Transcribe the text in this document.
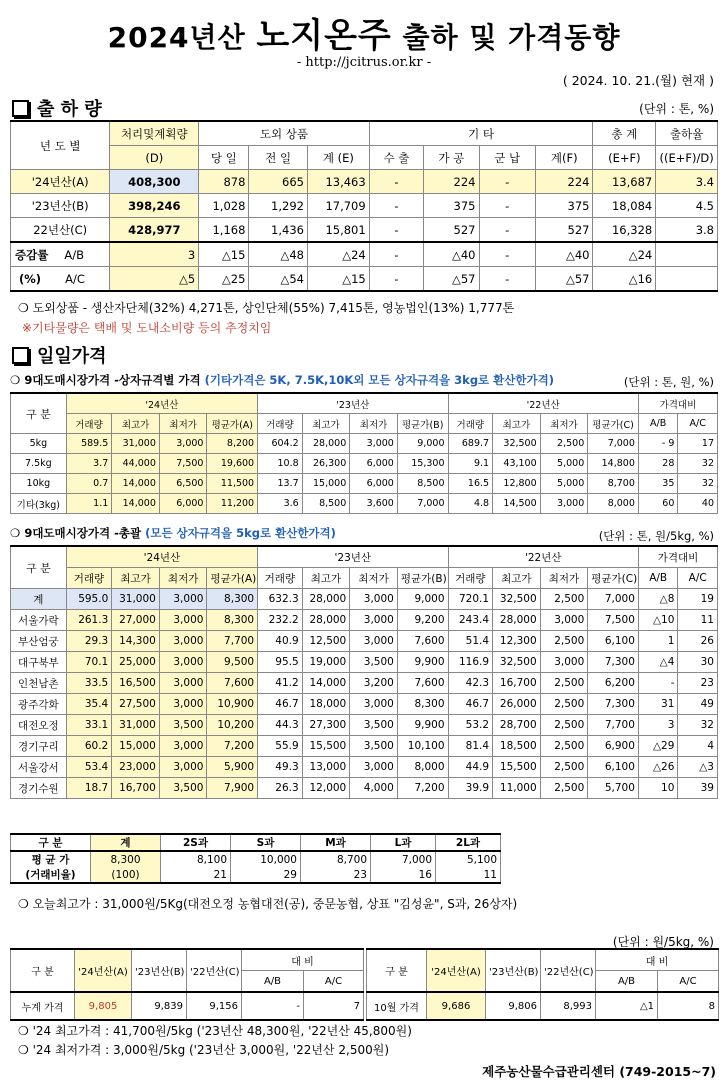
2024년산 노지온주 출하 및 가격동향
- http://jcitrus.or.kr -
( 2024. 10. 21.(월) 현재 )
출 하 량	(단위 : 톤, %)
년 도 별	처리및계획량	도외 상품			기 타				총 계	출하율
	(D)	당 일	전 일	계 (E)	수 출	가 공	군 납	계(F)	(E+F)	((E+F)/D)
'24년산(A)	408,300	878	665	13,463	-	224	-	224	13,687	3.4
'23년산(B)	398,246	1,028	1,292	17,709	-	375	-	375	18,084	4.5
22년산(C)	428,977	1,168	1,436	15,801	-	527	-	527	16,328	3.8
증감률 A/B	3	△15	△48	△24	-	△40	-	△40	△24	
(%) A/C	△5	△25	△54	△15	-	△57	-	△57	△16	
❍ 도외상품 - 생산자단체(32%) 4,271톤, 상인단체(55%) 7,415톤, 영농법인(13%) 1,777톤
※기타물량은 택배 및 도내소비량 등의 추정치임
일일가격
❍ 9대도매시장가격 -상자규격별 가격 (기타가격은 5K, 7.5K,10K외 모든 상자규격을 3kg로 환산한가격)	(단위 : 톤, 원, %)
구 분	'24년산				'23년산				'22년산				가격대비	
	거래량	최고가	최저가	평균가(A)	거래량	최고가	최저가	평균가(B)	거래량	최고가	최저가	평균가(C)	A/B	A/C
5kg	589.5	31,000	3,000	8,200	604.2	28,000	3,000	9,000	689.7	32,500	2,500	7,000	- 9	17
7.5kg	3.7	44,000	7,500	19,600	10.8	26,300	6,000	15,300	9.1	43,100	5,000	14,800	28	32
10kg	0.7	14,000	6,500	11,500	13.7	15,000	6,000	8,500	16.5	12,800	5,000	8,700	35	32
기타(3kg)	1.1	14,000	6,000	11,200	3.6	8,500	3,600	7,000	4.8	14,500	3,000	8,000	60	40
❍ 9대도매시장가격 -총괄 (모든 상자규격을 5kg로 환산한가격)	(단위 : 톤, 원/5kg, %)
구 분	'24년산				'23년산				'22년산				가격대비	
	거래량	최고가	최저가	평균가(A)	거래량	최고가	최저가	평균가(B)	거래량	최고가	최저가	평균가(C)	A/B	A/C
계	595.0	31,000	3,000	8,300	632.3	28,000	3,000	9,000	720.1	32,500	2,500	7,000	△8	19
서울가락	261.3	27,000	3,000	8,300	232.2	28,000	3,000	9,200	243.4	28,000	3,000	7,500	△10	11
부산엄궁	29.3	14,300	3,000	7,700	40.9	12,500	3,000	7,600	51.4	12,300	2,500	6,100	1	26
대구북부	70.1	25,000	3,000	9,500	95.5	19,000	3,500	9,900	116.9	32,500	3,000	7,300	△4	30
인천남촌	33.5	16,500	3,000	7,600	41.2	14,000	3,200	7,600	42.3	16,700	2,500	6,200	-	23
광주각화	35.4	27,500	3,000	10,900	46.7	18,000	3,000	8,300	46.7	26,000	2,500	7,300	31	49
대전오정	33.1	31,000	3,500	10,200	44.3	27,300	3,500	9,900	53.2	28,700	2,500	7,700	3	32
경기구리	60.2	15,000	3,000	7,200	55.9	15,500	3,500	10,100	81.4	18,500	2,500	6,900	△29	4
서울강서	53.4	23,000	3,000	5,900	49.3	13,000	3,000	8,000	44.9	15,500	2,500	6,100	△26	△3
경기수원	18.7	16,700	3,500	7,900	26.3	12,000	4,000	7,200	39.9	11,000	2,500	5,700	10	39
구 분	계	2S과	S과	M과	L과	2L과
평 균 가	8,300	8,100	10,000	8,700	7,000	5,100
(거래비율)	(100)	21	29	23	16	11
❍ 오늘최고가 : 31,000원/5Kg(대전오정 농협대전(공), 중문농협, 상표 "김성윤", S과, 26상자)
(단위 : 원/5kg, %)
구 분	'24년산(A)	'23년산(B)	'22년산(C)	대 비	
				A/B	A/C
누계 가격	9,805	9,839	9,156	-	7
구 분	'24년산(A)	'23년산(B)	'22년산(C)	대 비	
				A/B	A/C
10월 가격	9,686	9,806	8,993	△1	8
❍ '24 최고가격 : 41,700원/5kg ('23년산 48,300원, '22년산 45,800원)
❍ '24 최저가격 : 3,000원/5kg ('23년산 3,000원, '22년산 2,500원)
제주농산물수급관리센터 (749-2015~7)
